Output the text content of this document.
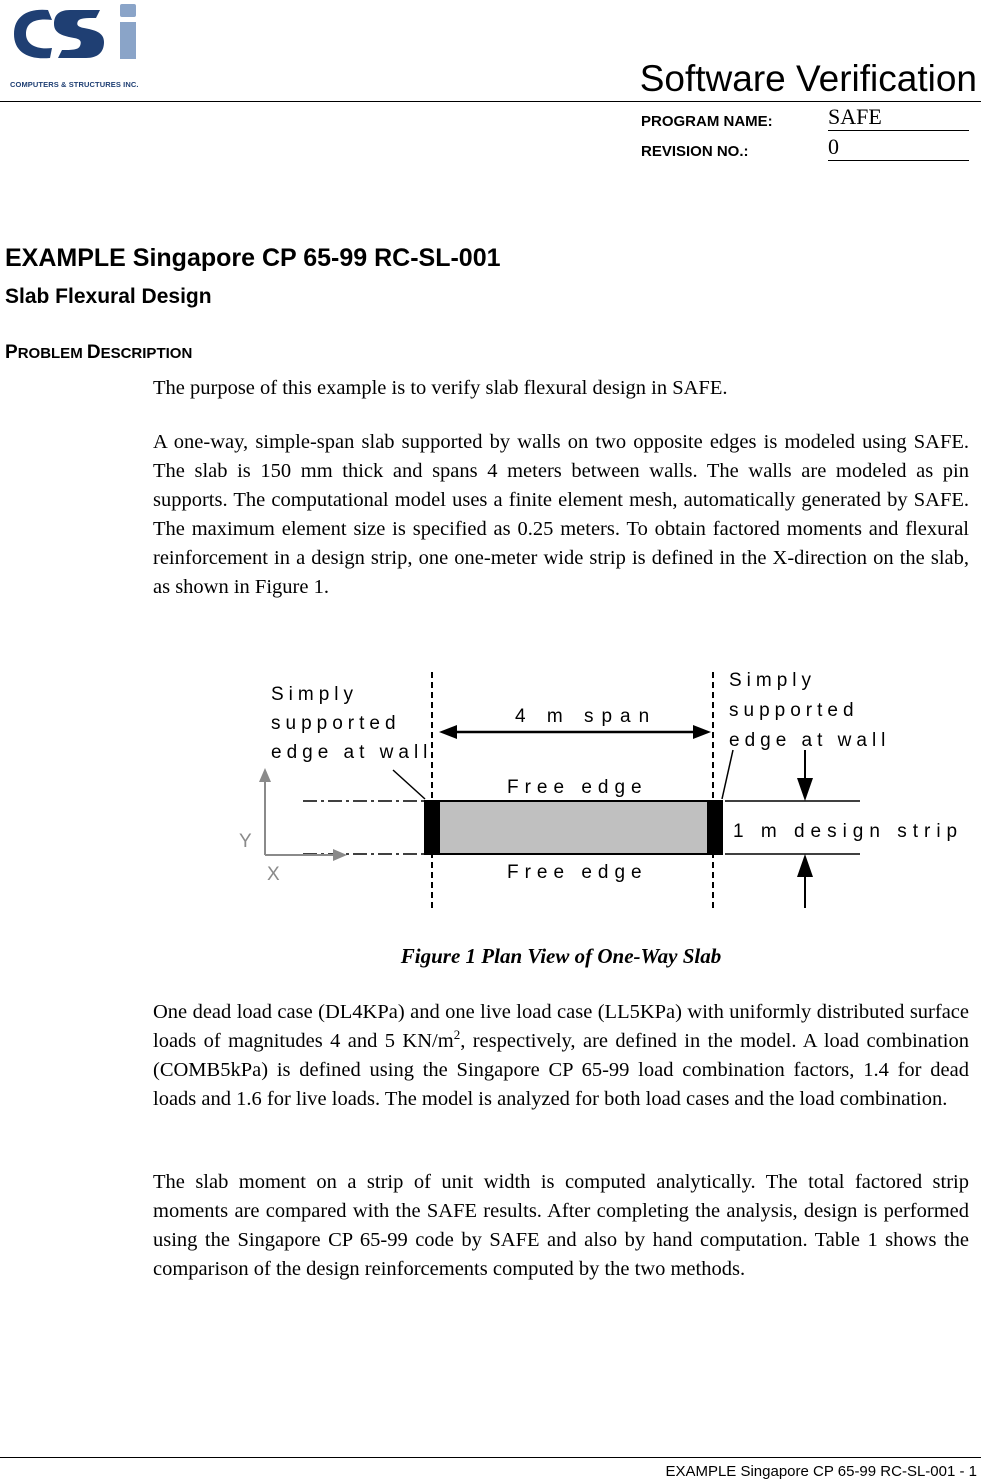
COMPUTERS & STRUCTURES INC.	Software Verification
PROGRAM NAME:	SAFE
REVISION NO.:	0
EXAMPLE Singapore CP 65-99 RC-SL-001
Slab Flexural Design
PROBLEM DESCRIPTION
The purpose of this example is to verify slab flexural design in SAFE.
A one-way, simple-span slab supported by walls on two opposite edges is modeled using SAFE. The slab is 150 mm thick and spans 4 meters between walls. The walls are modeled as pin supports. The computational model uses a finite element mesh, automatically generated by SAFE. The maximum element size is specified as 0.25 meters. To obtain factored moments and flexural reinforcement in a design strip, one one-meter wide strip is defined in the X-direction on the slab, as shown in Figure 1.
Simply
supported
edge at wall
Simply
supported
edge at wall
4 m span
Free edge
Free edge
1 m design strip
Y
X
Figure 1 Plan View of One-Way Slab
One dead load case (DL4KPa) and one live load case (LL5KPa) with uniformly distributed surface loads of magnitudes 4 and 5 $KN/m^2$, respectively, are defined in the model. A load combination (COMB5kPa) is defined using the Singapore CP 65-99 load combination factors, 1.4 for dead loads and 1.6 for live loads. The model is analyzed for both load cases and the load combination.
The slab moment on a strip of unit width is computed analytically. The total factored strip moments are compared with the SAFE results. After completing the analysis, design is performed using the Singapore CP 65-99 code by SAFE and also by hand computation. Table 1 shows the comparison of the design reinforcements computed by the two methods.
EXAMPLE Singapore CP 65-99 RC-SL-001 - 1
